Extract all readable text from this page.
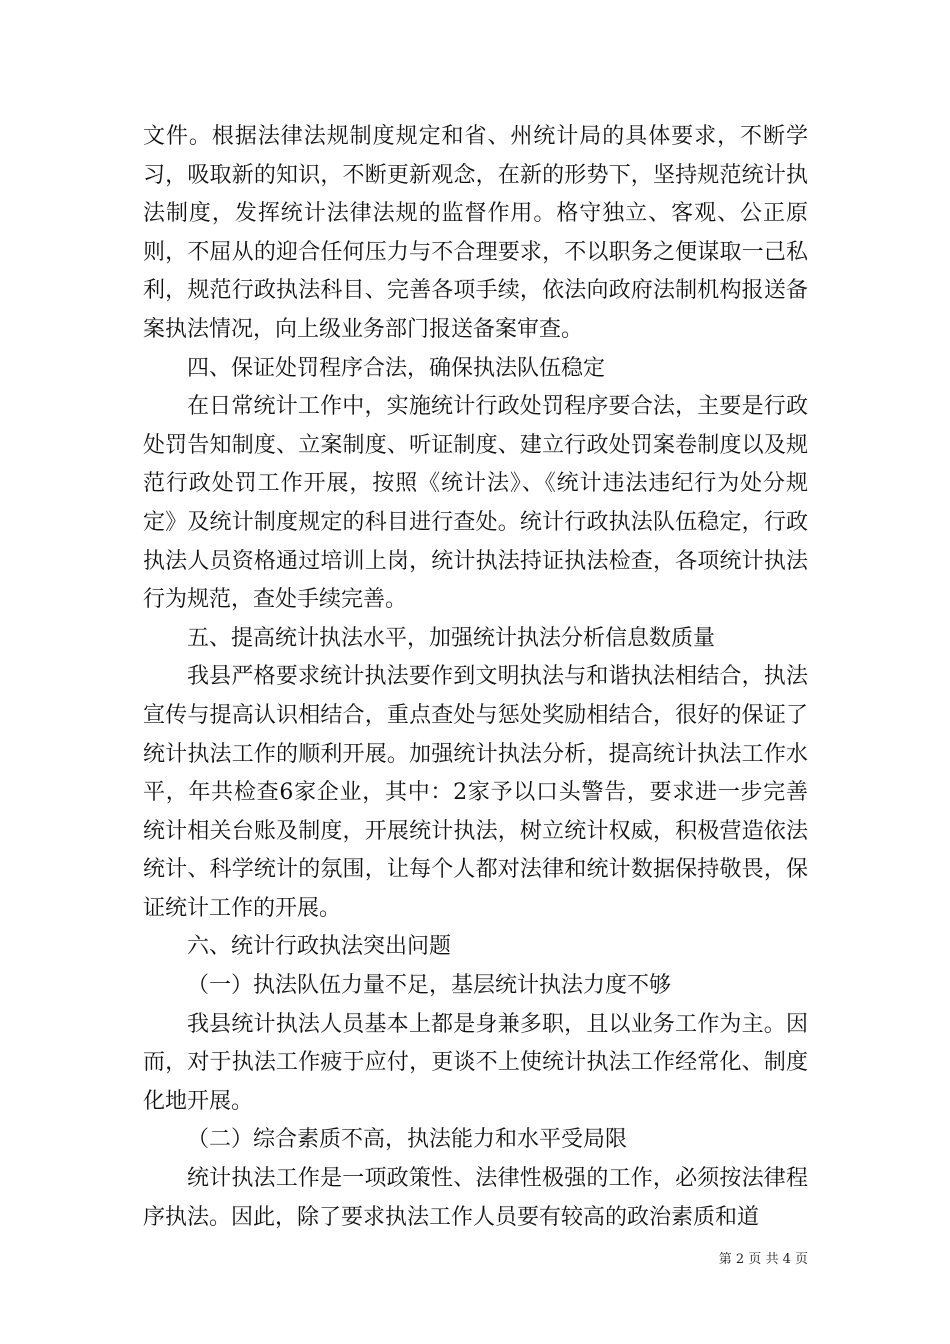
文件。根据法律法规制度规定和省、州统计局的具体要求，不断学习，吸取新的知识，不断更新观念，在新的形势下，坚持规范统计执法制度，发挥统计法律法规的监督作用。格守独立、客观、公正原则，不屈从的迎合任何压力与不合理要求，不以职务之便谋取一己私利，规范行政执法科目、完善各项手续，依法向政府法制机构报送备案执法情况，向上级业务部门报送备案审查。

四、保证处罚程序合法，确保执法队伍稳定

在日常统计工作中，实施统计行政处罚程序要合法，主要是行政处罚告知制度、立案制度、听证制度、建立行政处罚案卷制度以及规范行政处罚工作开展，按照《统计法》、《统计违法违纪行为处分规定》及统计制度规定的科目进行查处。统计行政执法队伍稳定，行政执法人员资格通过培训上岗，统计执法持证执法检查，各项统计执法行为规范，查处手续完善。

五、提高统计执法水平，加强统计执法分析信息数质量

我县严格要求统计执法要作到文明执法与和谐执法相结合，执法宣传与提高认识相结合，重点查处与惩处奖励相结合，很好的保证了统计执法工作的顺利开展。加强统计执法分析，提高统计执法工作水平，年共检查6家企业，其中：2家予以口头警告，要求进一步完善统计相关台账及制度，开展统计执法，树立统计权威，积极营造依法统计、科学统计的氛围，让每个人都对法律和统计数据保持敬畏，保证统计工作的开展。

六、统计行政执法突出问题

（一）执法队伍力量不足，基层统计执法力度不够

我县统计执法人员基本上都是身兼多职，且以业务工作为主。因而，对于执法工作疲于应付，更谈不上使统计执法工作经常化、制度化地开展。

（二）综合素质不高，执法能力和水平受局限

统计执法工作是一项政策性、法律性极强的工作，必须按法律程序执法。因此，除了要求执法工作人员要有较高的政治素质和道

第 2 页 共 4 页
